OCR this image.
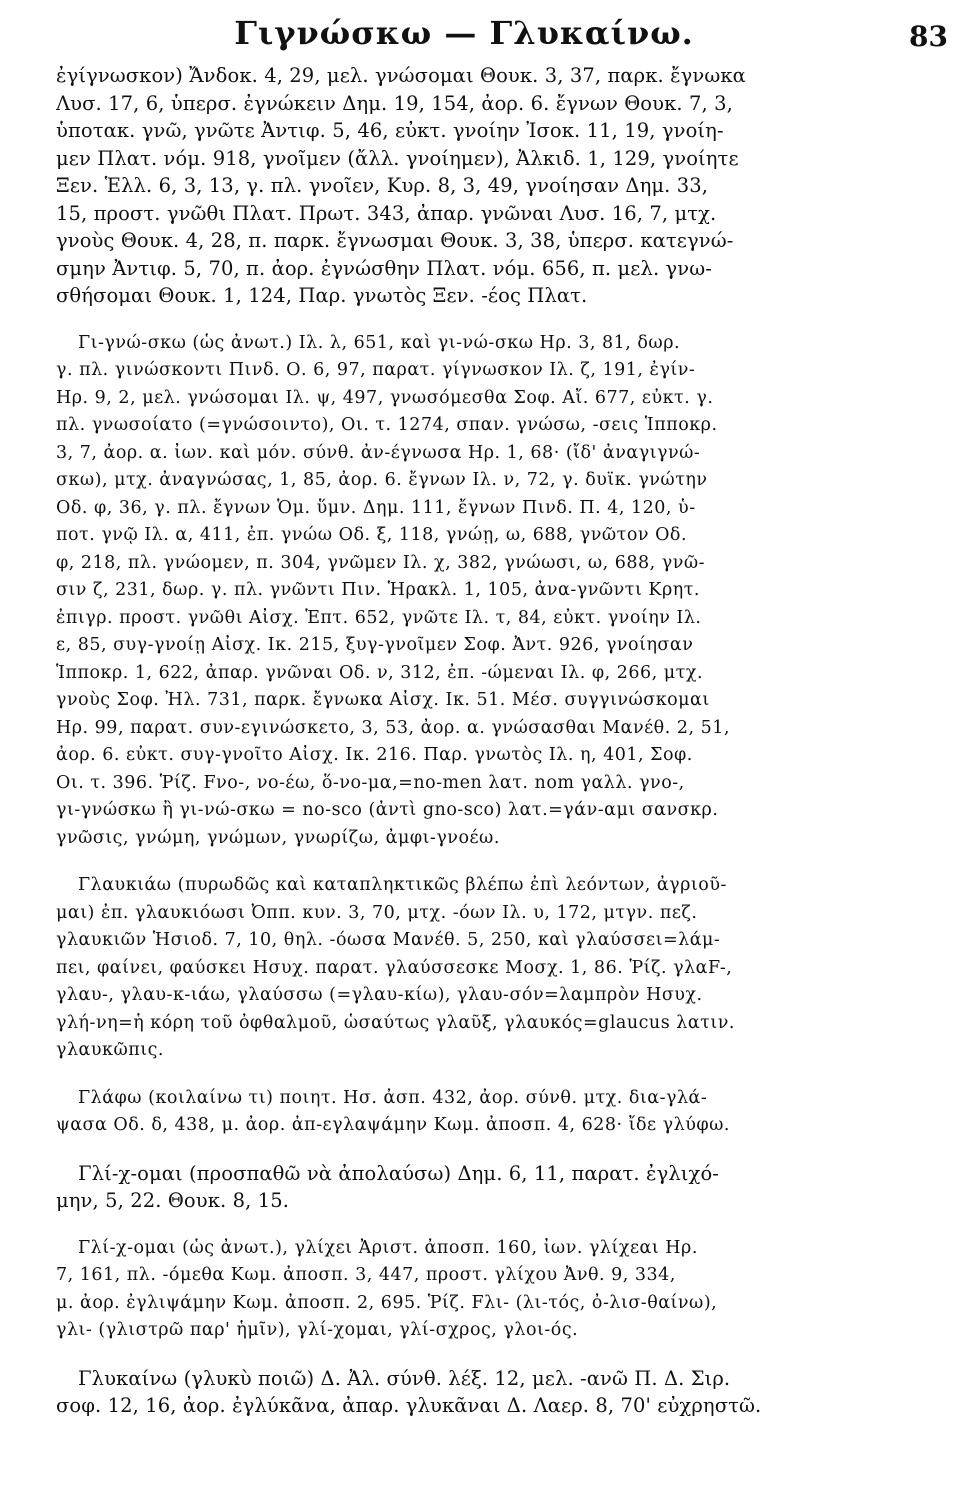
Γιγνώσκω — Γλυκαίνω.	83
ἐγίγνωσκον) Ἄνδοκ. 4, 29, μελ. γνώσομαι Θουκ. 3, 37, παρκ. ἔγνωκα
Λυσ. 17, 6, ὑπερσ. ἐγνώκειν Δημ. 19, 154, ἀορ. 6. ἔγνων Θουκ. 7, 3,
ὑποτακ. γνῶ, γνῶτε Ἀντιφ. 5, 46, εὐκτ. γνοίην Ἰσοκ. 11, 19, γνοίη-
μεν Πλατ. νόμ. 918, γνοῖμεν (ἄλλ. γνοίημεν), Ἀλκιδ. 1, 129, γνοίητε
Ξεν. Ἑλλ. 6, 3, 13, γ. πλ. γνοῖεν, Κυρ. 8, 3, 49, γνοίησαν Δημ. 33,
15, προστ. γνῶθι Πλατ. Πρωτ. 343, ἀπαρ. γνῶναι Λυσ. 16, 7, μτχ.
γνοὺς Θουκ. 4, 28, π. παρκ. ἔγνωσμαι Θουκ. 3, 38, ὑπερσ. κατεγνώ-
σμην Ἀντιφ. 5, 70, π. ἀορ. ἐγνώσθην Πλατ. νόμ. 656, π. μελ. γνω-
σθήσομαι Θουκ. 1, 124, Παρ. γνωτὸς Ξεν. -έος Πλατ.
Γι-γνώ-σκω (ὡς ἀνωτ.) Ιλ. λ, 651, καὶ γι-νώ-σκω Ηρ. 3, 81, δωρ.
γ. πλ. γινώσκοντι Πινδ. Ο. 6, 97, παρατ. γίγνωσκον Ιλ. ζ, 191, ἐγίν-
Ηρ. 9, 2, μελ. γνώσομαι Ιλ. ψ, 497, γνωσόμεσθα Σοφ. Αἴ. 677, εὐκτ. γ.
πλ. γνωσοίατο (=γνώσοιντο), Οι. τ. 1274, σπαν. γνώσω, -σεις Ἱπποκρ.
3, 7, ἀορ. α. ἰων. καὶ μόν. σύνθ. ἀν-έγνωσα Ηρ. 1, 68· (ἴδ' ἀναγιγνώ-
σκω), μτχ. ἀναγνώσας, 1, 85, ἀορ. 6. ἔγνων Ιλ. ν, 72, γ. δυϊκ. γνώτην
Οδ. φ, 36, γ. πλ. ἔγνων Ὁμ. ὕμν. Δημ. 111, ἔγνων Πινδ. Π. 4, 120, ὑ-
ποτ. γνῷ Ιλ. α, 411, ἐπ. γνώω Οδ. ξ, 118, γνώῃ, ω, 688, γνῶτον Οδ.
φ, 218, πλ. γνώομεν, π. 304, γνῶμεν Ιλ. χ, 382, γνώωσι, ω, 688, γνῶ-
σιν ζ, 231, δωρ. γ. πλ. γνῶντι Πιν. Ἡρακλ. 1, 105, ἀνα-γνῶντι Κρητ.
ἐπιγρ. προστ. γνῶθι Αἰσχ. Ἑπτ. 652, γνῶτε Ιλ. τ, 84, εὐκτ. γνοίην Ιλ.
ε, 85, συγ-γνοίῃ Αἰσχ. Ικ. 215, ξυγ-γνοῖμεν Σοφ. Ἀντ. 926, γνοίησαν
Ἱπποκρ. 1, 622, ἀπαρ. γνῶναι Οδ. ν, 312, ἐπ. -ώμεναι Ιλ. φ, 266, μτχ.
γνοὺς Σοφ. Ἠλ. 731, παρκ. ἔγνωκα Αἰσχ. Ικ. 51. Μέσ. συγγινώσκομαι
Ηρ. 99, παρατ. συν-εγινώσκετο, 3, 53, ἀορ. α. γνώσασθαι Μανέθ. 2, 51,
ἀορ. 6. εὐκτ. συγ-γνοῖτο Αἰσχ. Ικ. 216. Παρ. γνωτὸς Ιλ. η, 401, Σοφ.
Οι. τ. 396. Ῥίζ. Fνο-, νο-έω, ὅ-νο-μα,=no-men λατ. nom γαλλ. γνο-,
γι-γνώσκω ἢ γι-νώ-σκω = no-sco (ἀντὶ gno-sco) λατ.=γάν-αμι σανσκρ.
γνῶσις, γνώμη, γνώμων, γνωρίζω, ἀμφι-γνοέω.
Γλαυκιάω (πυρωδῶς καὶ καταπληκτικῶς βλέπω ἐπὶ λεόντων, ἀγριοῦ-
μαι) ἐπ. γλαυκιόωσι Ὀππ. κυν. 3, 70, μτχ. -όων Ιλ. υ, 172, μτγν. πεζ.
γλαυκιῶν Ἡσιοδ. 7, 10, θηλ. -όωσα Μανέθ. 5, 250, καὶ γλαύσσει=λάμ-
πει, φαίνει, φαύσκει Ησυχ. παρατ. γλαύσσεσκε Μοσχ. 1, 86. Ῥίζ. γλαF-,
γλαυ-, γλαυ-κ-ιάω, γλαύσσω (=γλαυ-κίω), γλαυ-σόν=λαμπρὸν Ησυχ.
γλή-νη=ἡ κόρη τοῦ ὀφθαλμοῦ, ὡσαύτως γλαῦξ, γλαυκός=glaucus λατιν.
γλαυκῶπις.
Γλάφω (κοιλαίνω τι) ποιητ. Ησ. ἀσπ. 432, ἀορ. σύνθ. μτχ. δια-γλά-
ψασα Οδ. δ, 438, μ. ἀορ. ἀπ-εγλαψάμην Κωμ. ἀποσπ. 4, 628· ἴδε γλύφω.
Γλί-χ-ομαι (προσπαθῶ νὰ ἀπολαύσω) Δημ. 6, 11, παρατ. ἐγλιχό-
μην, 5, 22. Θουκ. 8, 15.
Γλί-χ-ομαι (ὡς ἀνωτ.), γλίχει Ἀριστ. ἀποσπ. 160, ἰων. γλίχεαι Ηρ.
7, 161, πλ. -όμεθα Κωμ. ἀποσπ. 3, 447, προστ. γλίχου Ἀνθ. 9, 334,
μ. ἀορ. ἐγλιψάμην Κωμ. ἀποσπ. 2, 695. Ῥίζ. Fλι- (λι-τός, ὀ-λισ-θαίνω),
γλι- (γλιστρῶ παρ' ἡμῖν), γλί-χομαι, γλί-σχρος, γλοι-ός.
Γλυκαίνω (γλυκὺ ποιῶ) Δ. Ἀλ. σύνθ. λέξ. 12, μελ. -ανῶ Π. Δ. Σιρ.
σοφ. 12, 16, ἀορ. ἐγλύκᾶνα, ἀπαρ. γλυκᾶναι Δ. Λαερ. 8, 70' εὐχρηστῶ.
